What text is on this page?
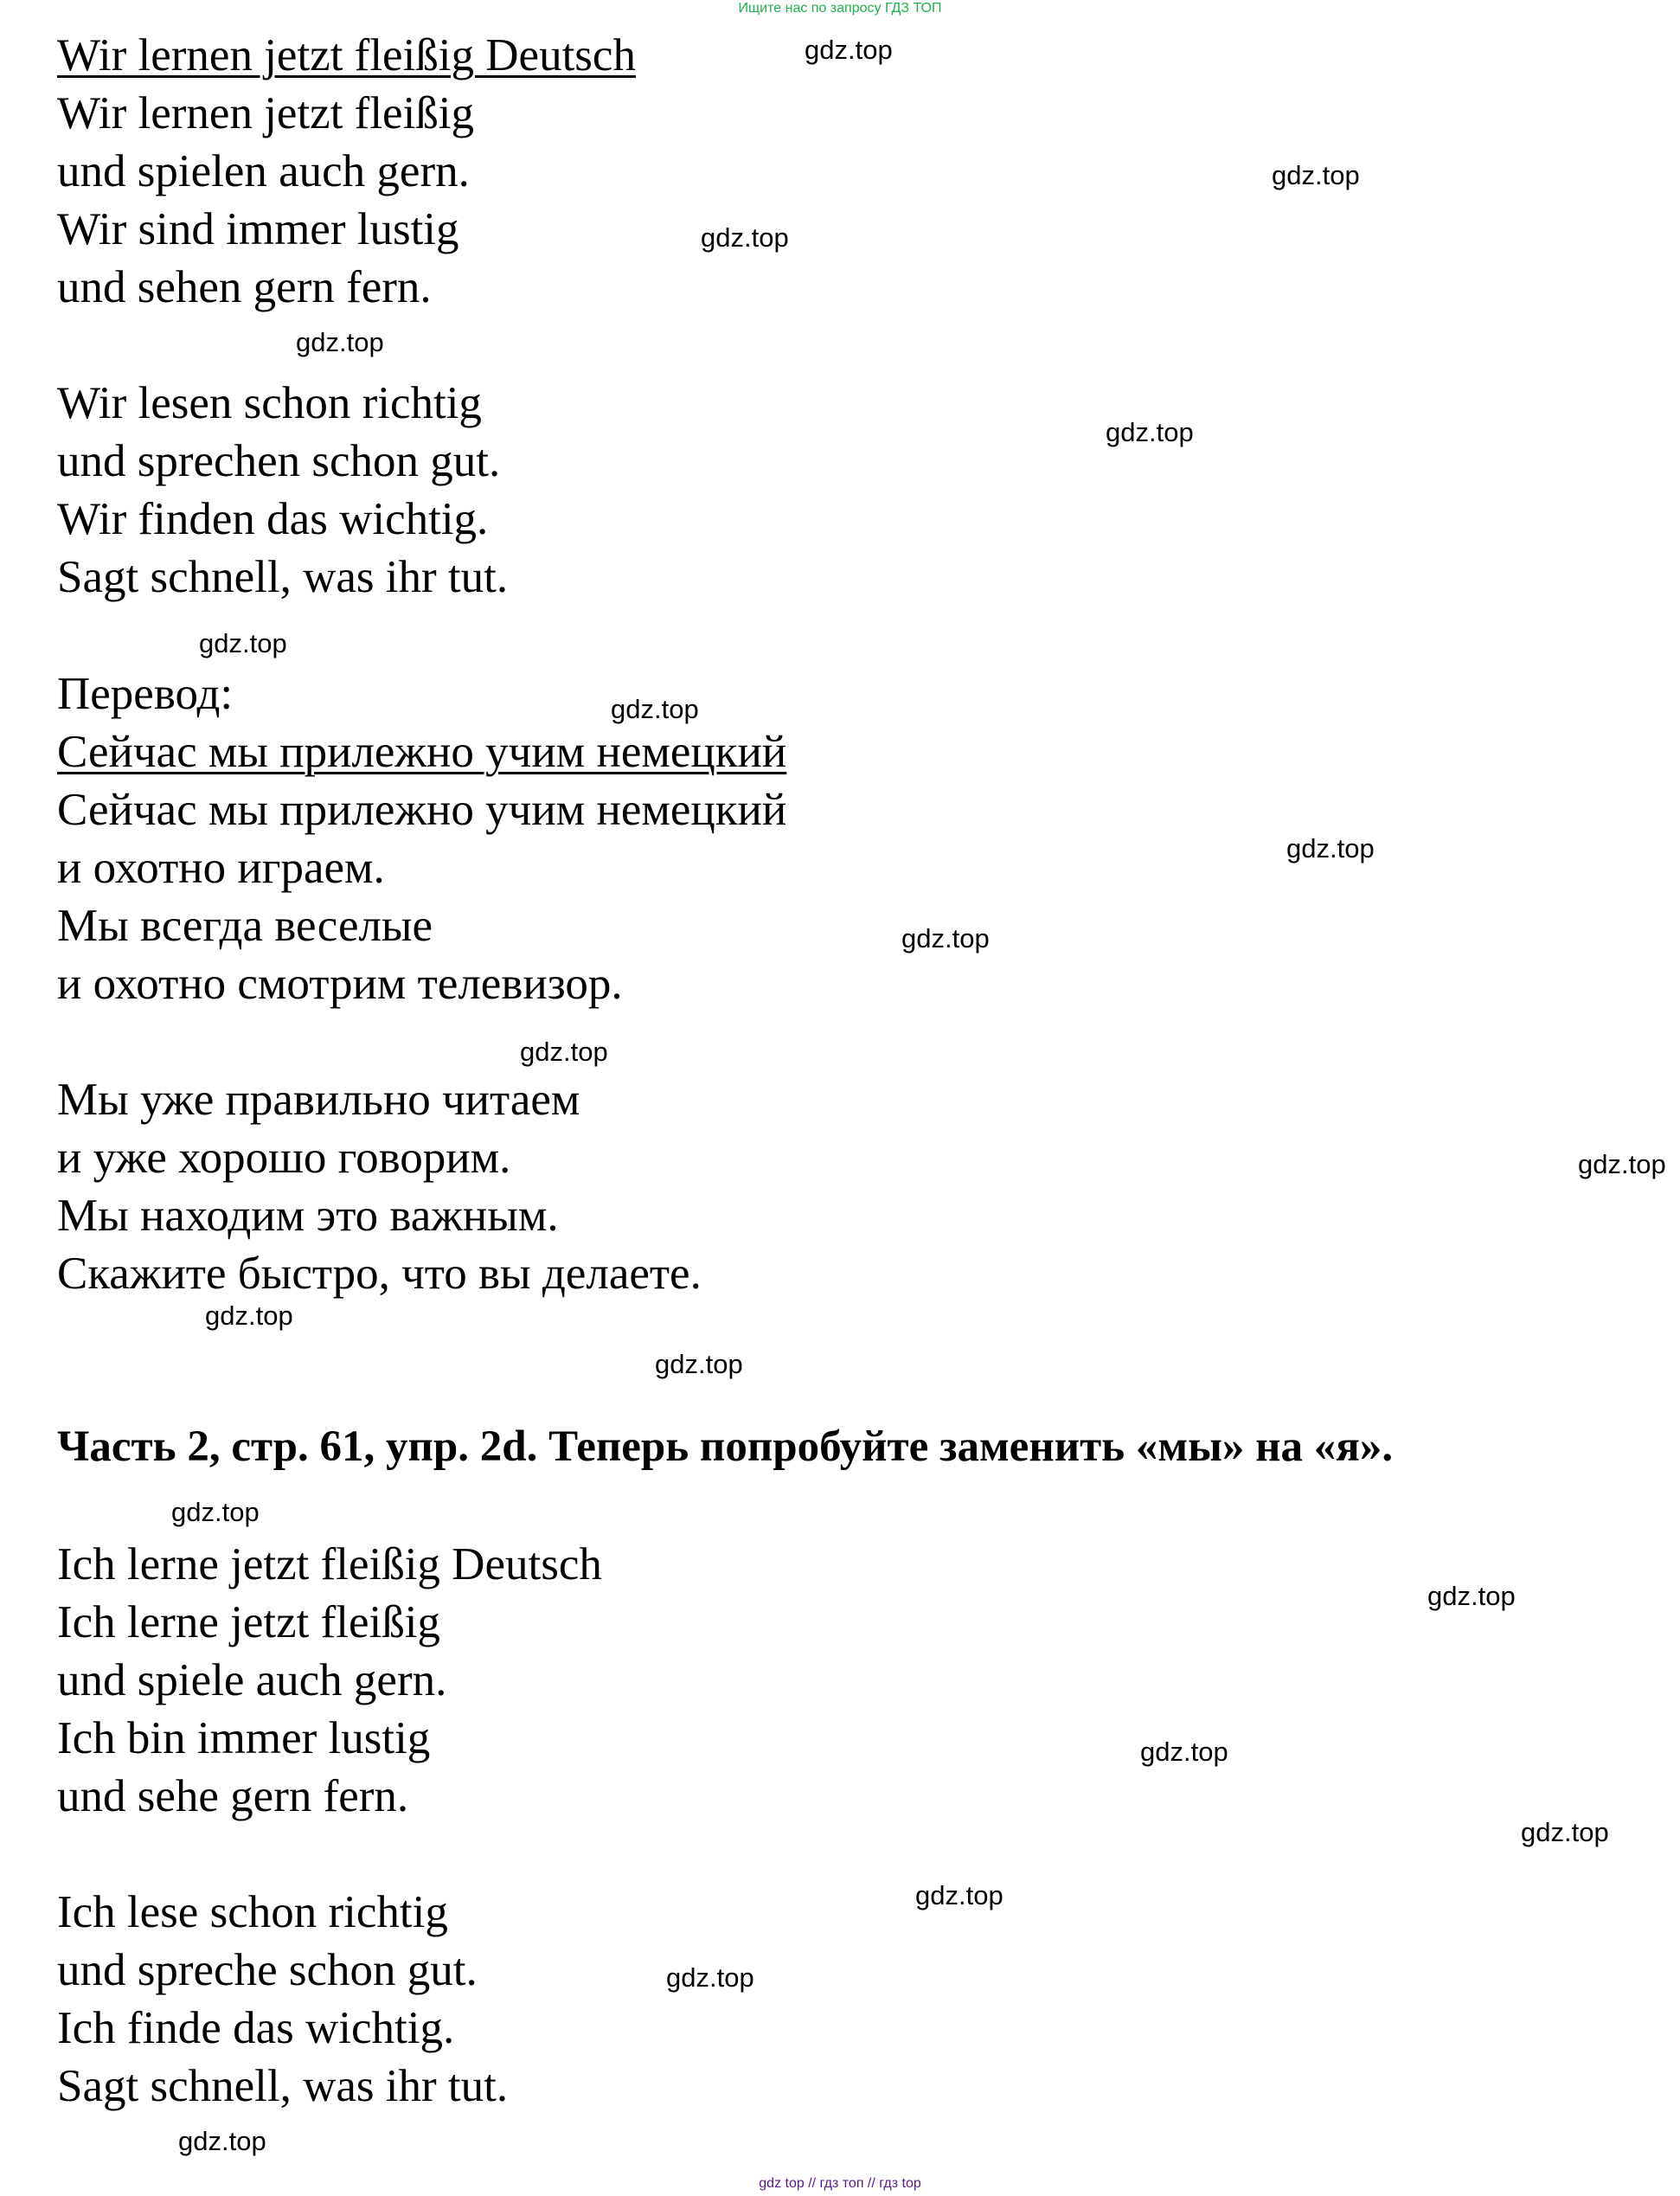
Ищите нас по запросу ГДЗ ТОП
Wir lernen jetzt fleißig Deutsch
Wir lernen jetzt fleißig
und spielen auch gern.
Wir sind immer lustig
und sehen gern fern.
Wir lesen schon richtig
und sprechen schon gut.
Wir finden das wichtig.
Sagt schnell, was ihr tut.
Перевод:
Сейчас мы прилежно учим немецкий
Сейчас мы прилежно учим немецкий
и охотно играем.
Мы всегда веселые
и охотно смотрим телевизор.
Мы уже правильно читаем
и уже хорошо говорим.
Мы находим это важным.
Скажите быстро, что вы делаете.
Часть 2, стр. 61, упр. 2d. Теперь попробуйте заменить «мы» на «я».
Ich lerne jetzt fleißig Deutsch
Ich lerne jetzt fleißig
und spiele auch gern.
Ich bin immer lustig
und sehe gern fern.
Ich lese schon richtig
und spreche schon gut.
Ich finde das wichtig.
Sagt schnell, was ihr tut.
gdz.top
gdz.top
gdz.top
gdz.top
gdz.top
gdz.top
gdz.top
gdz.top
gdz.top
gdz.top
gdz.top
gdz.top
gdz.top
gdz.top
gdz.top
gdz.top
gdz.top
gdz.top
gdz.top
gdz.top
gdz top // гдз топ // гдз top
